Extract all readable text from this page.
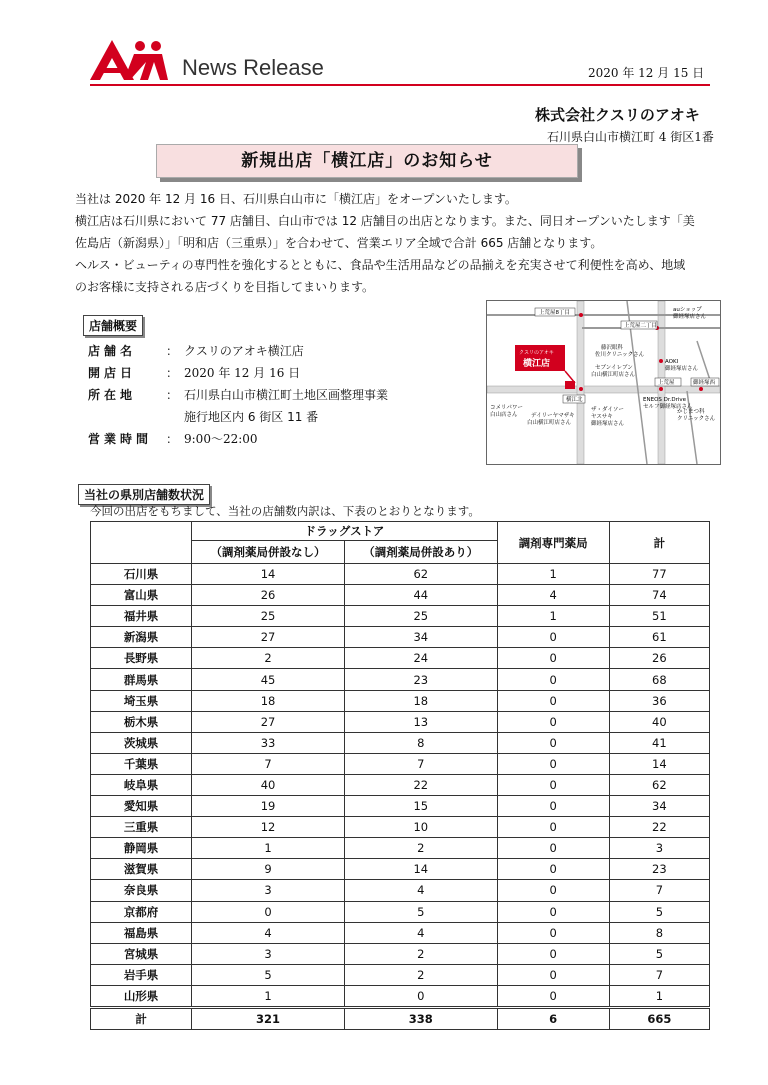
News Release	2020 年 12 月 15 日
株式会社クスリのアオキ
石川県白山市横江町 4 街区1番
新規出店「横江店」のお知らせ

当社は 2020 年 12 月 16 日、石川県白山市に「横江店」をオープンいたします。

横江店は石川県において 77 店舗目、白山市では 12 店舗目の出店となります。また、同日オープンいたします「美佐島店（新潟県）」「明和店（三重県）」を合わせて、営業エリア全域で合計 665 店舗となります。

ヘルス・ビューティの専門性を強化するとともに、食品や生活用品などの品揃えを充実させて利便性を高め、地域のお客様に支持される店づくりを目指してまいります。

店舗概要
店舗名	： クスリのアオキ横江店
開店日	： 2020 年 12 月 16 日
所在地	： 石川県白山市横江町土地区画整理事業
施行地区内 6 街区 11 番
営業時間	： 9:00～22:00
上荒屋8丁目
上荒屋二丁目
上荒屋	御経塚西
横江北
auショップ
御経塚店さん
藤沢眼科
佐川クリニックさん
セブンイレブン
白山横江町店さん
AOKI
御経塚店さん
コメリパワー
白山店さん デイリーヤマザキ
白山横江町店さん
ザ・ダイソー
ヤスサキ
御経塚店さん
ENEOS Dr.Drive
セルフ御経塚店さん
かじまつ科
クリニックさん
クスリのアオキ
横江店
当社の県別店舗数状況
今回の出店をもちまして、当社の店舗数内訳は、下表のとおりとなります。
	ドラッグストア		調剤専門薬局	計
	（調剤薬局併設なし）	（調剤薬局併設あり）		
石川県	14	62	1	77
富山県	26	44	4	74
福井県	25	25	1	51
新潟県	27	34	0	61
長野県	2	24	0	26
群馬県	45	23	0	68
埼玉県	18	18	0	36
栃木県	27	13	0	40
茨城県	33	8	0	41
千葉県	7	7	0	14
岐阜県	40	22	0	62
愛知県	19	15	0	34
三重県	12	10	0	22
静岡県	1	2	0	3
滋賀県	9	14	0	23
奈良県	3	4	0	7
京都府	0	5	0	5
福島県	4	4	0	8
宮城県	3	2	0	5
岩手県	5	2	0	7
山形県	1	0	0	1
計	321	338	6	665
